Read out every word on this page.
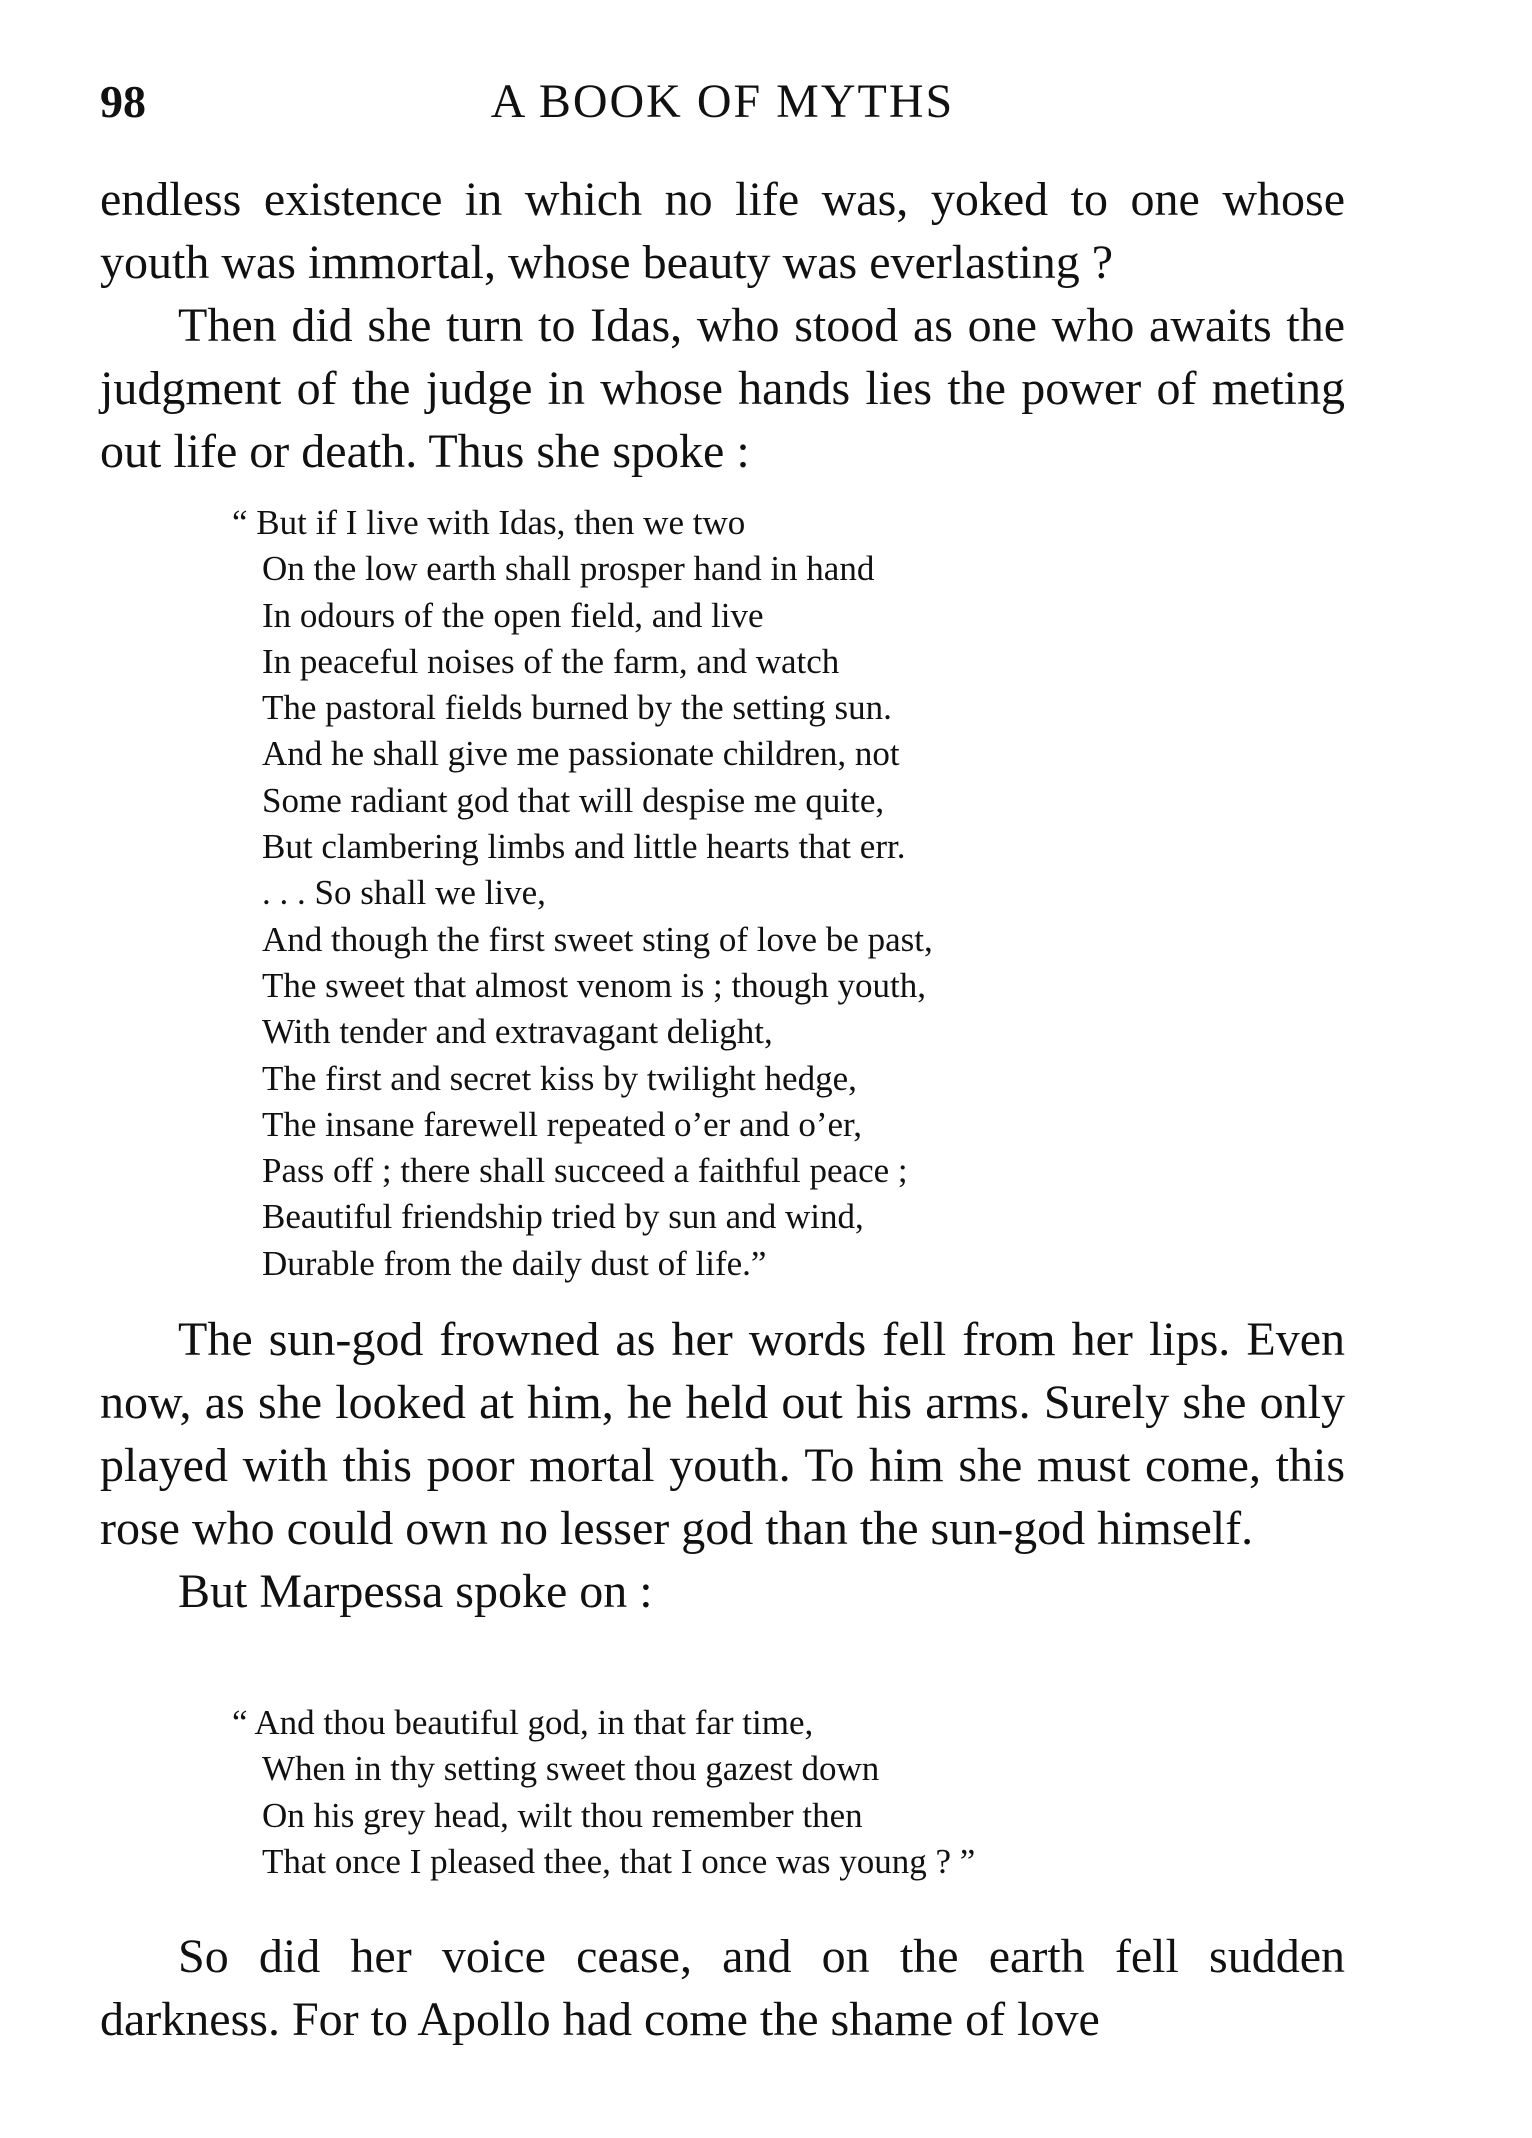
98	A BOOK OF MYTHS

endless existence in which no life was, yoked to one whose youth was immortal, whose beauty was everlasting ?

Then did she turn to Idas, who stood as one who awaits the judgment of the judge in whose hands lies the power of meting out life or death. Thus she spoke :

“ But if I live with Idas, then we two
On the low earth shall prosper hand in hand
In odours of the open field, and live
In peaceful noises of the farm, and watch
The pastoral fields burned by the setting sun.
And he shall give me passionate children, not
Some radiant god that will despise me quite,
But clambering limbs and little hearts that err.
. . . So shall we live,
And though the first sweet sting of love be past,
The sweet that almost venom is ; though youth,
With tender and extravagant delight,
The first and secret kiss by twilight hedge,
The insane farewell repeated o’er and o’er,
Pass off ; there shall succeed a faithful peace ;
Beautiful friendship tried by sun and wind,
Durable from the daily dust of life.”

The sun-god frowned as her words fell from her lips. Even now, as she looked at him, he held out his arms. Surely she only played with this poor mortal youth. To him she must come, this rose who could own no lesser god than the sun-god himself.

But Marpessa spoke on :

“ And thou beautiful god, in that far time,
When in thy setting sweet thou gazest down
On his grey head, wilt thou remember then
That once I pleased thee, that I once was young ? ”

So did her voice cease, and on the earth fell sudden darkness. For to Apollo had come the shame of love
